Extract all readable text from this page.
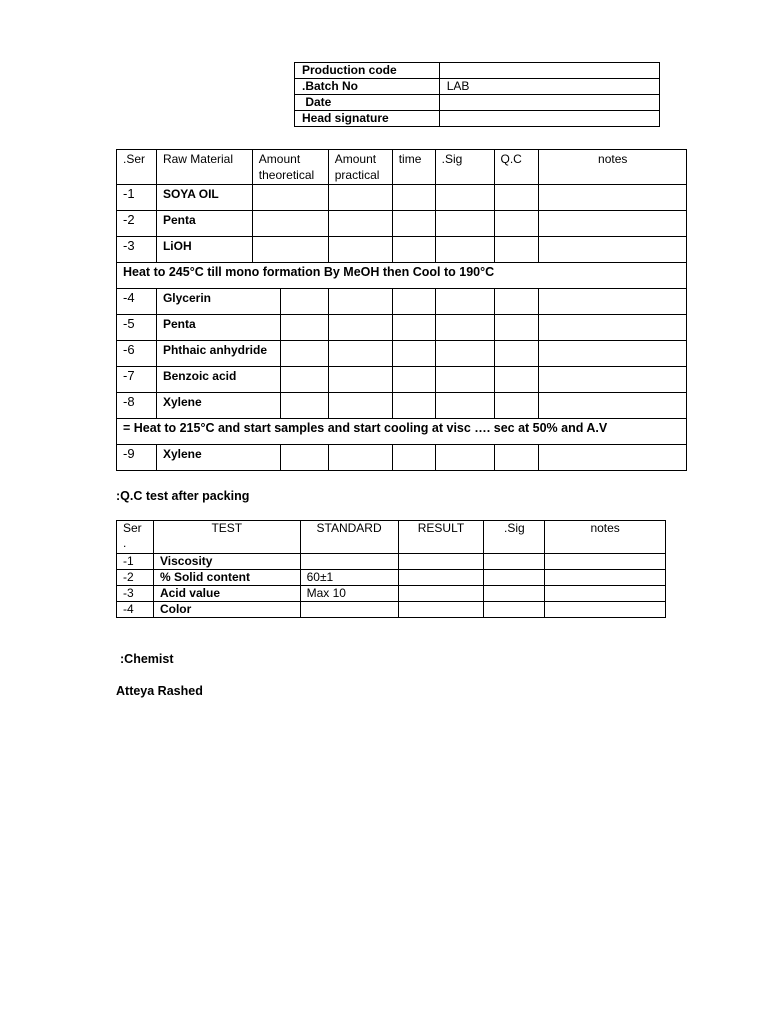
Production code	
.Batch No	LAB
Date	
Head signature	
.Ser	Raw Material	Amount theoretical		Amount practical	time	.Sig	Q.C	notes
-1	SOYA OIL							
-2	Penta							
-3	LiOH							
Heat to 245°C till mono formation By MeOH then Cool to 190°C								
-4	Glycerin							
-5	Penta							
-6	Phthaic anhydride							
-7	Benzoic acid							
-8	Xylene							
= Heat to 215°C and start samples and start cooling at visc …. sec at 50% and A.V								
-9	Xylene							
:Q.C test after packing
Ser
.	TEST	STANDARD	RESULT	.Sig	notes
-1	Viscosity				
-2	% Solid content	60±1			
-3	Acid value	Max 10			
-4	Color				
:Chemist
Atteya Rashed
